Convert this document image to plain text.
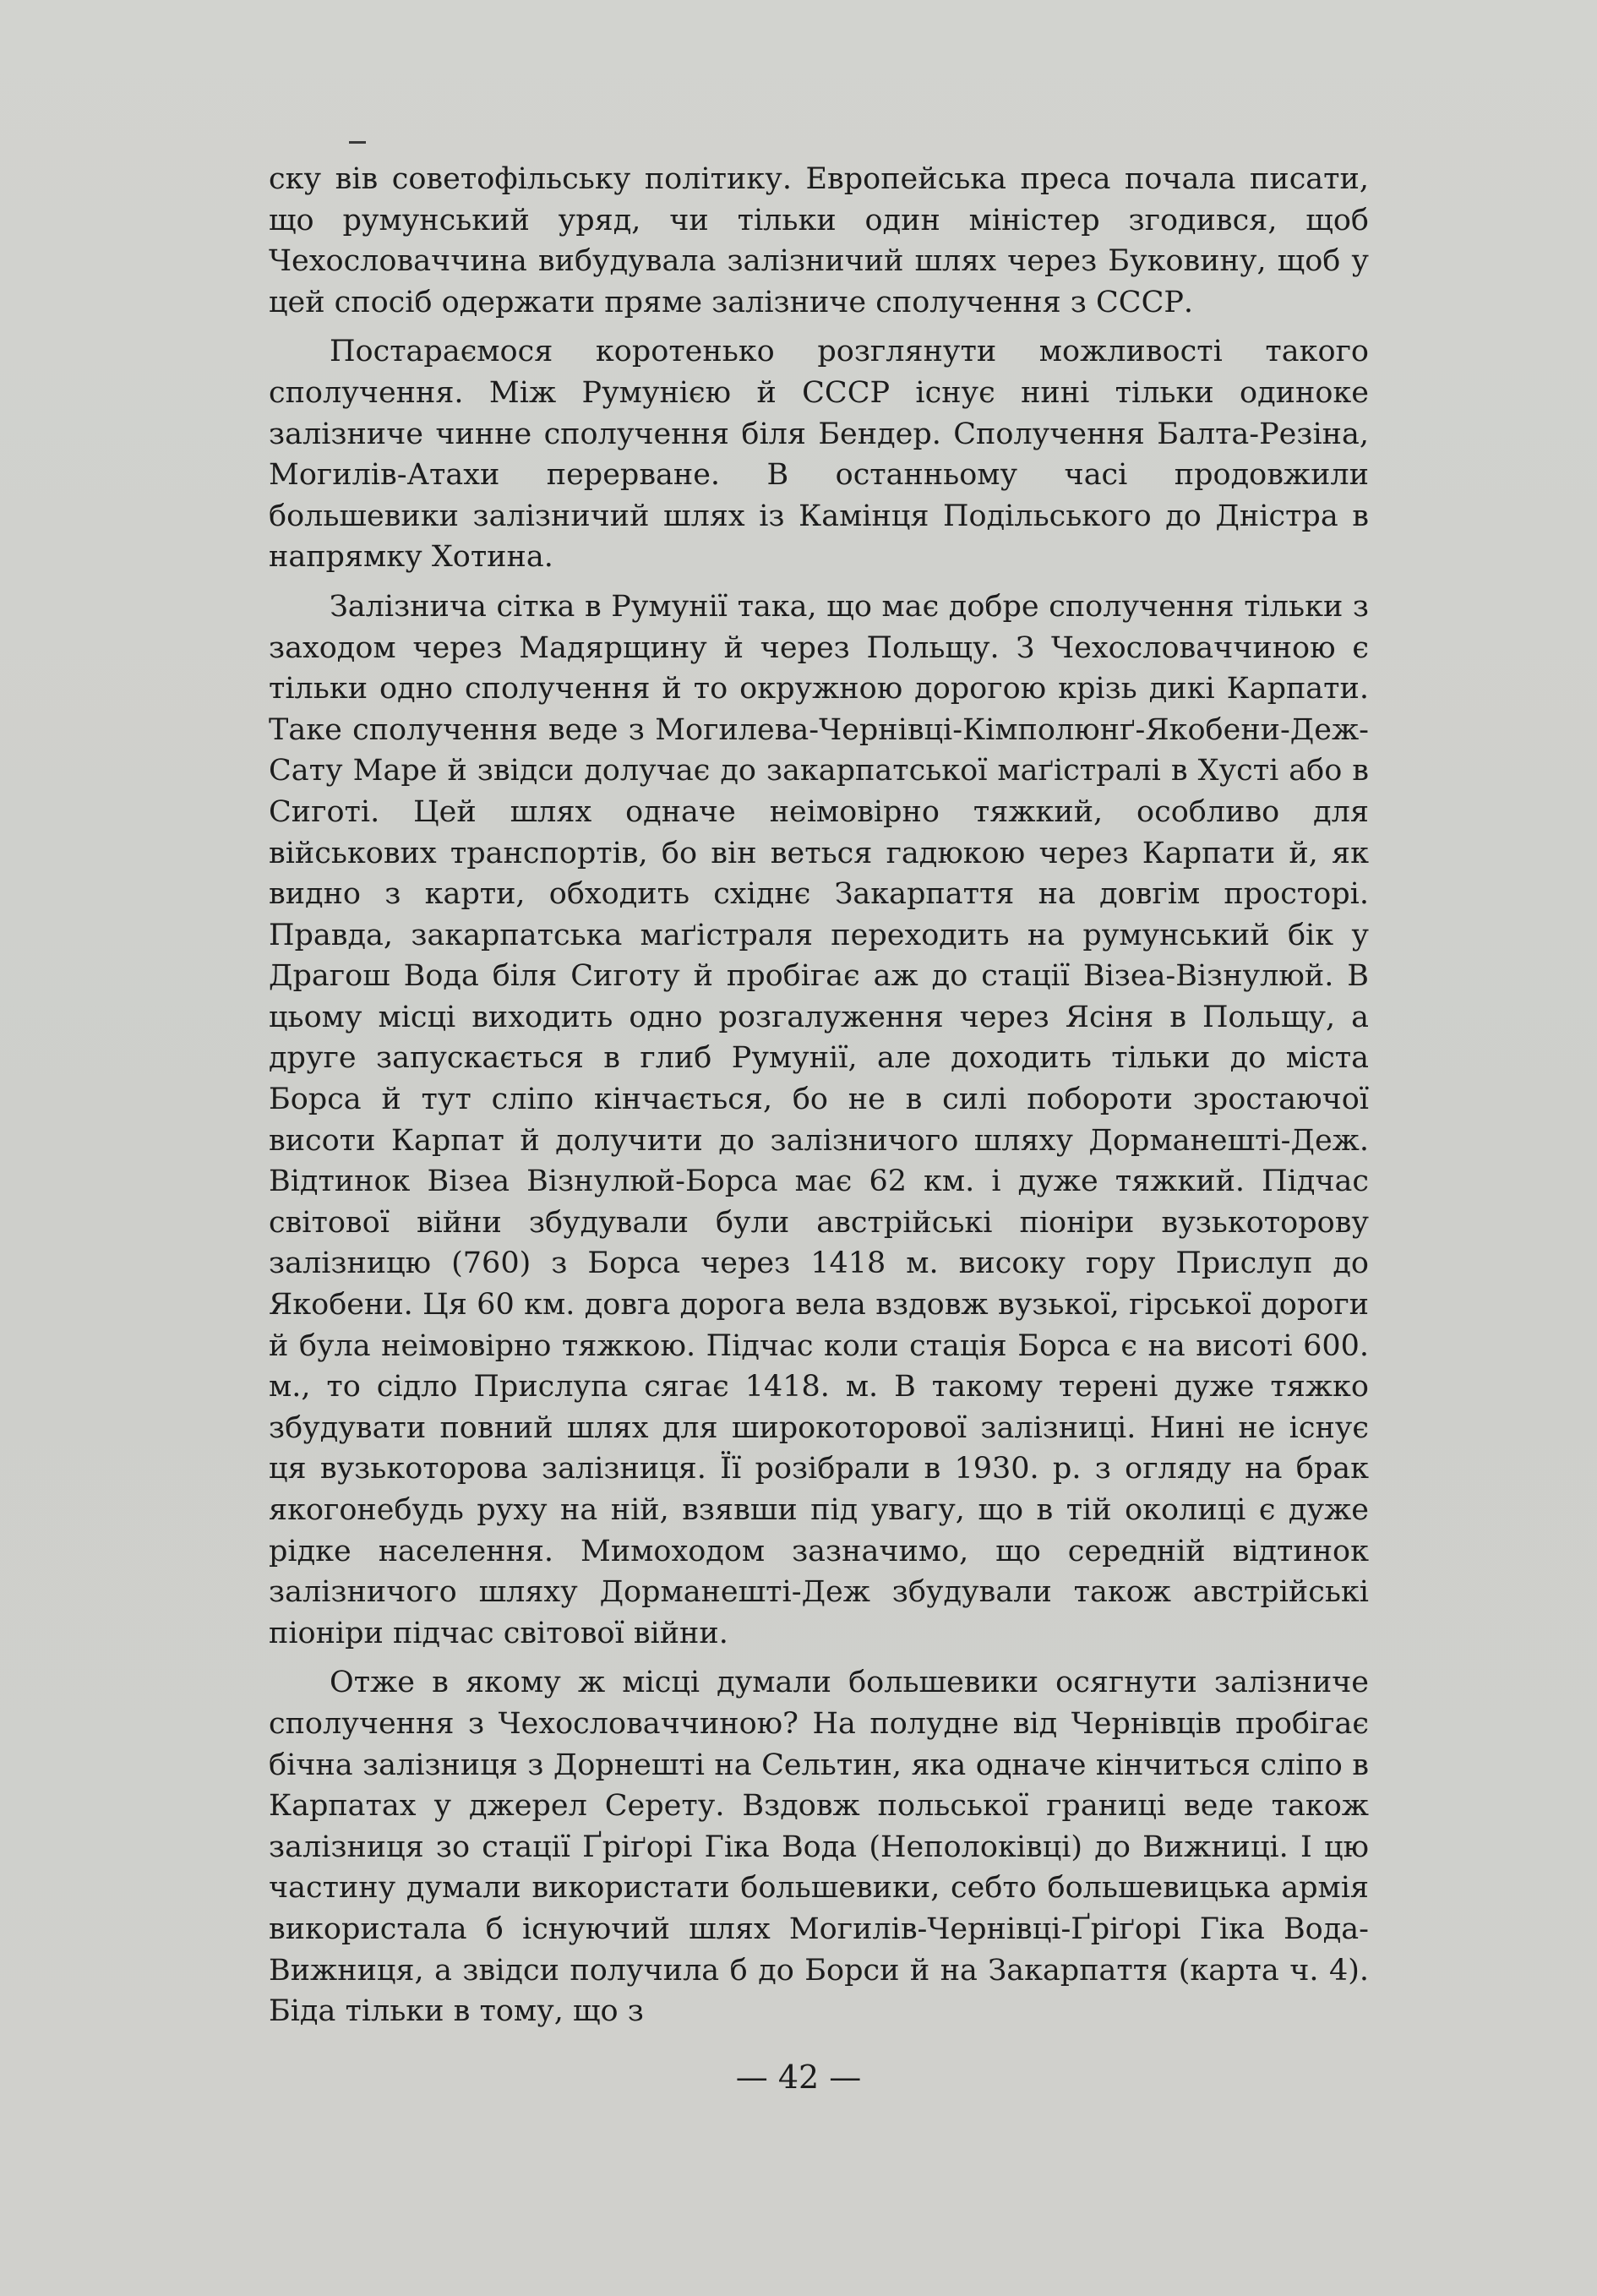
ску вів советофільську політику. Европейська преса почала писати, що румунський уряд, чи тільки один міністер згодився, щоб Чехословаччина вибудувала залізничий шлях через Буковину, щоб у цей спосіб одержати пряме залізниче сполучення з СССР.

Постараємося коротенько розглянути можливості такого сполучення. Між Румунією й СССР існує нині тільки одиноке залізниче чинне сполучення біля Бендер. Сполучення Балта-Резіна, Могилів-Атахи перерване. В останньому часі продовжили большевики залізничий шлях із Камінця Подільського до Дністра в напрямку Хотина.

Залізнича сітка в Румунії така, що має добре сполучення тільки з заходом через Мадярщину й через Польщу. З Чехословаччиною є тільки одно сполучення й то окружною дорогою крізь дикі Карпати. Таке сполучення веде з Могилева-Чернівці-Кімполюнґ-Якобени-Деж-Сату Маре й звідси долучає до закарпатської маґістралі в Хусті або в Сиготі. Цей шлях одначе неімовірно тяжкий, особливо для військових транспортів, бо він веться гадюкою через Карпати й, як видно з карти, обходить східнє Закарпаття на довгім просторі. Правда, закарпатська маґістраля переходить на румунський бік у Драгош Вода біля Сиготу й пробігає аж до стації Візеа-Візнулюй. В цьому місці виходить одно розгалуження через Ясіня в Польщу, а друге запускається в глиб Румунії, але доходить тільки до міста Борса й тут сліпо кінчається, бо не в силі побороти зростаючої висоти Карпат й долучити до залізничого шляху Дорманешті-Деж. Відтинок Візеа Візнулюй-Борса має 62 км. і дуже тяжкий. Підчас світової війни збудували були австрійські піоніри вузькоторову залізницю (760) з Борса через 1418 м. високу гору Прислуп до Якобени. Ця 60 км. довга дорога вела вздовж вузької, гірської дороги й була неімовірно тяжкою. Підчас коли стація Борса є на висоті 600. м., то сідло Прислупа сягає 1418. м. В такому терені дуже тяжко збудувати повний шлях для широкоторової залізниці. Нині не існує ця вузькоторова залізниця. Її розібрали в 1930. р. з огляду на брак якогонебудь руху на ній, взявши під увагу, що в тій околиці є дуже рідке населення. Мимоходом зазначимо, що середній відтинок залізничого шляху Дорманешті-Деж збудували також австрійські піоніри підчас світової війни.

Отже в якому ж місці думали большевики осягнути залізниче сполучення з Чехословаччиною? На полудне від Чернівців пробігає бічна залізниця з Дорнешті на Сельтин, яка одначе кінчиться сліпо в Карпатах у джерел Серету. Вздовж польської границі веде також залізниця зо стації Ґріґорі Гіка Вода (Неполоківці) до Вижниці. І цю частину думали використати большевики, себто большевицька армія використала б існуючий шлях Могилів-Чернівці-Ґріґорі Гіка Вода-Вижниця, а звідси получила б до Борси й на Закарпаття (карта ч. 4). Біда тільки в тому, що з

— 42 —
